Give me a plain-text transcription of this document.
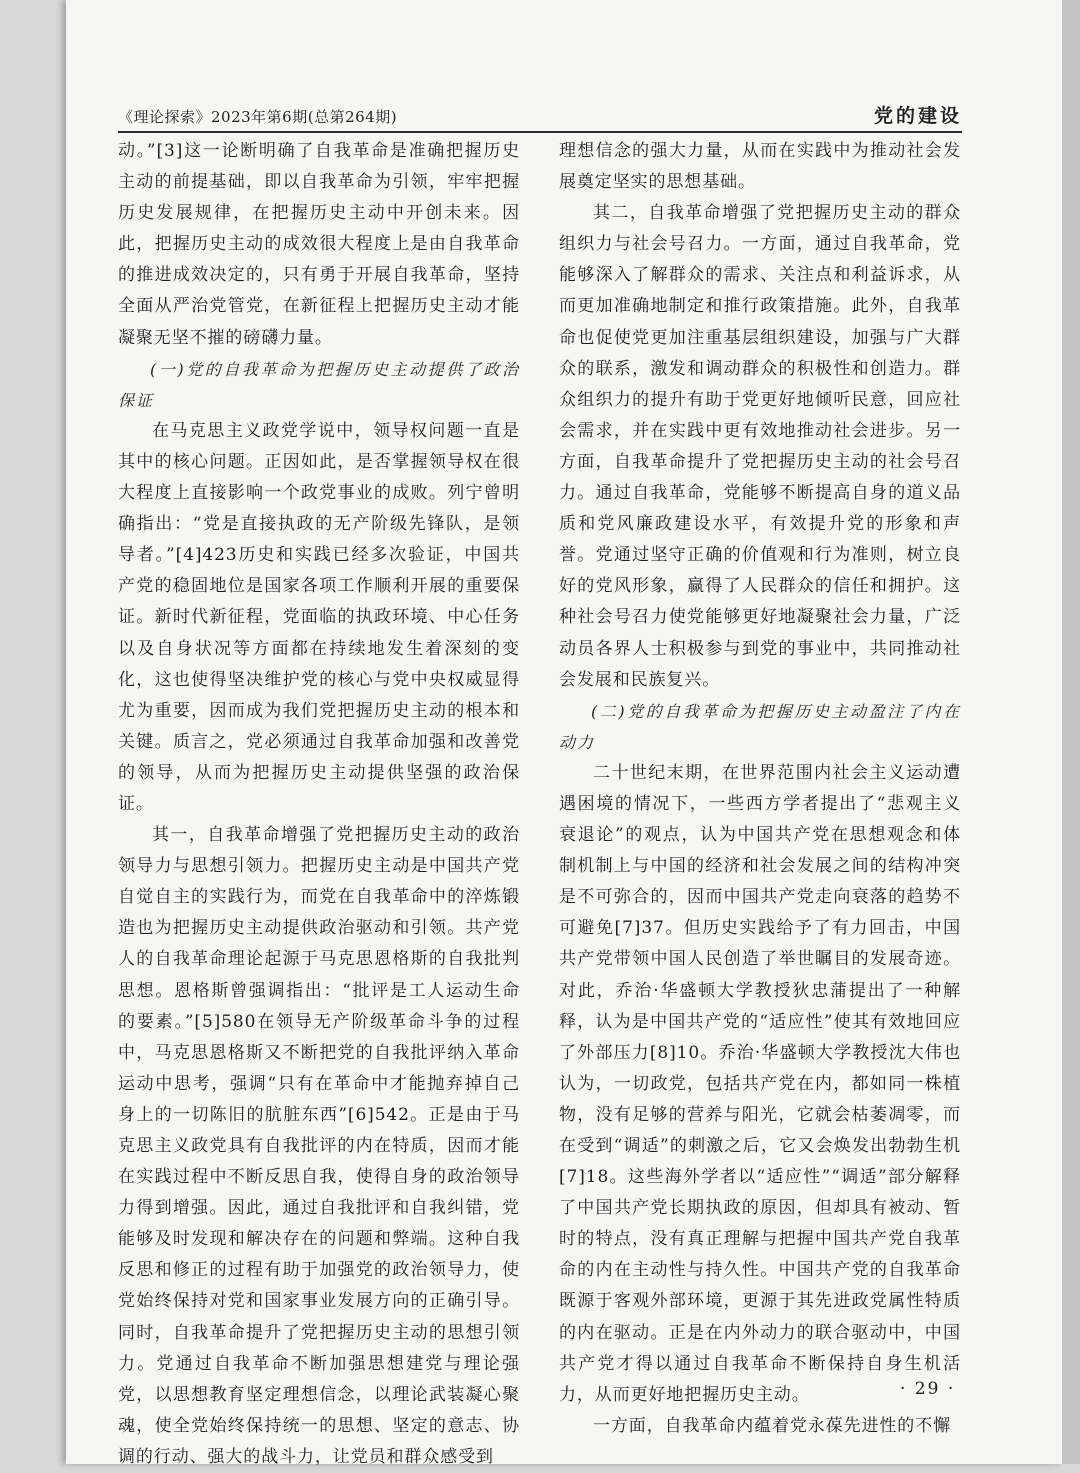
《理论探索》2023年第6期(总第264期)	党的建设

动。”[3]这一论断明确了自我革命是准确把握历史主动的前提基础，即以自我革命为引领，牢牢把握历史发展规律，在把握历史主动中开创未来。因此，把握历史主动的成效很大程度上是由自我革命的推进成效决定的，只有勇于开展自我革命，坚持全面从严治党管党，在新征程上把握历史主动才能凝聚无坚不摧的磅礴力量。

(一)党的自我革命为把握历史主动提供了政治保证

在马克思主义政党学说中，领导权问题一直是其中的核心问题。正因如此，是否掌握领导权在很大程度上直接影响一个政党事业的成败。列宁曾明确指出：“党是直接执政的无产阶级先锋队，是领导者。”[4]423历史和实践已经多次验证，中国共产党的稳固地位是国家各项工作顺利开展的重要保证。新时代新征程，党面临的执政环境、中心任务以及自身状况等方面都在持续地发生着深刻的变化，这也使得坚决维护党的核心与党中央权威显得尤为重要，因而成为我们党把握历史主动的根本和关键。质言之，党必须通过自我革命加强和改善党的领导，从而为把握历史主动提供坚强的政治保证。

其一，自我革命增强了党把握历史主动的政治领导力与思想引领力。把握历史主动是中国共产党自觉自主的实践行为，而党在自我革命中的淬炼锻造也为把握历史主动提供政治驱动和引领。共产党人的自我革命理论起源于马克思恩格斯的自我批判思想。恩格斯曾强调指出：“批评是工人运动生命的要素。”[5]580在领导无产阶级革命斗争的过程中，马克思恩格斯又不断把党的自我批评纳入革命运动中思考，强调“只有在革命中才能抛弃掉自己身上的一切陈旧的肮脏东西”[6]542。正是由于马克思主义政党具有自我批评的内在特质，因而才能在实践过程中不断反思自我，使得自身的政治领导力得到增强。因此，通过自我批评和自我纠错，党能够及时发现和解决存在的问题和弊端。这种自我反思和修正的过程有助于加强党的政治领导力，使党始终保持对党和国家事业发展方向的正确引导。同时，自我革命提升了党把握历史主动的思想引领力。党通过自我革命不断加强思想建党与理论强党，以思想教育坚定理想信念，以理论武装凝心聚魂，使全党始终保持统一的思想、坚定的意志、协调的行动、强大的战斗力，让党员和群众感受到

理想信念的强大力量，从而在实践中为推动社会发展奠定坚实的思想基础。

其二，自我革命增强了党把握历史主动的群众组织力与社会号召力。一方面，通过自我革命，党能够深入了解群众的需求、关注点和利益诉求，从而更加准确地制定和推行政策措施。此外，自我革命也促使党更加注重基层组织建设，加强与广大群众的联系，激发和调动群众的积极性和创造力。群众组织力的提升有助于党更好地倾听民意，回应社会需求，并在实践中更有效地推动社会进步。另一方面，自我革命提升了党把握历史主动的社会号召力。通过自我革命，党能够不断提高自身的道义品质和党风廉政建设水平，有效提升党的形象和声誉。党通过坚守正确的价值观和行为准则，树立良好的党风形象，赢得了人民群众的信任和拥护。这种社会号召力使党能够更好地凝聚社会力量，广泛动员各界人士积极参与到党的事业中，共同推动社会发展和民族复兴。

(二)党的自我革命为把握历史主动盈注了内在动力

二十世纪末期，在世界范围内社会主义运动遭遇困境的情况下，一些西方学者提出了“悲观主义衰退论”的观点，认为中国共产党在思想观念和体制机制上与中国的经济和社会发展之间的结构冲突是不可弥合的，因而中国共产党走向衰落的趋势不可避免[7]37。但历史实践给予了有力回击，中国共产党带领中国人民创造了举世瞩目的发展奇迹。对此，乔治·华盛顿大学教授狄忠蒲提出了一种解释，认为是中国共产党的“适应性”使其有效地回应了外部压力[8]10。乔治·华盛顿大学教授沈大伟也认为，一切政党，包括共产党在内，都如同一株植物，没有足够的营养与阳光，它就会枯萎凋零，而在受到“调适”的刺激之后，它又会焕发出勃勃生机[7]18。这些海外学者以“适应性”“调适”部分解释了中国共产党长期执政的原因，但却具有被动、暂时的特点，没有真正理解与把握中国共产党自我革命的内在主动性与持久性。中国共产党的自我革命既源于客观外部环境，更源于其先进政党属性特质的内在驱动。正是在内外动力的联合驱动中，中国共产党才得以通过自我革命不断保持自身生机活力，从而更好地把握历史主动。

一方面，自我革命内蕴着党永葆先进性的不懈

· 29 ·
